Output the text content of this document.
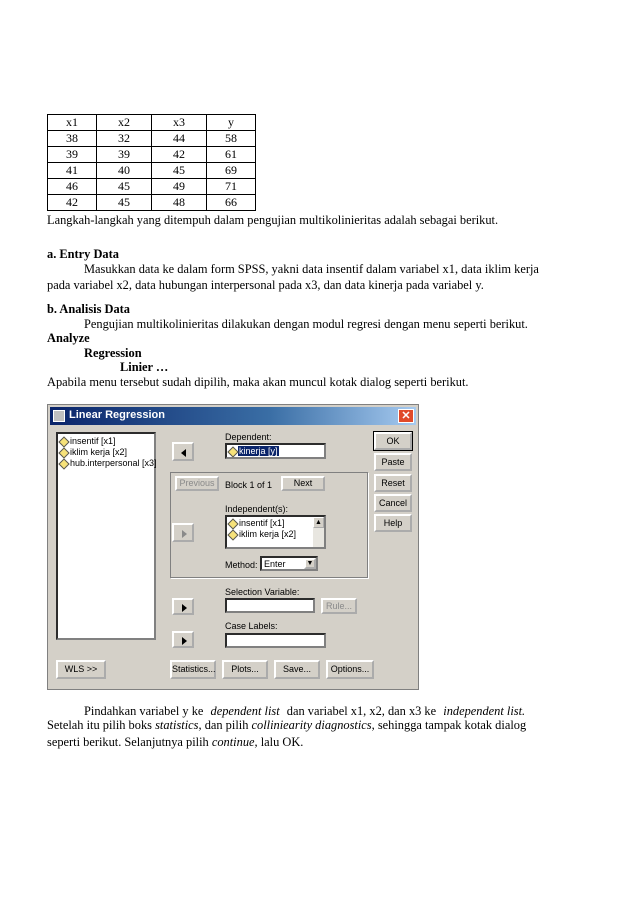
x1	x2	x3	y
38	32	44	58
39	39	42	61
41	40	45	69
46	45	49	71
42	45	48	66
Langkah-langkah yang ditempuh dalam pengujian multikolinieritas adalah sebagai berikut.
a. Entry Data
Masukkan data ke dalam form SPSS, yakni data insentif dalam variabel x1, data iklim kerja
pada variabel x2, data hubungan interpersonal pada x3, dan data kinerja pada variabel y.
b. Analisis Data
Pengujian multikolinieritas dilakukan dengan modul regresi dengan menu seperti berikut.
Analyze
Regression
Linier …
Apabila menu tersebut sudah dipilih, maka akan muncul kotak dialog seperti berikut.
Linear Regression	✕
insentif [x1]
iklim kerja [x2]
hub.interpersonal [x3]
Dependent:
kinerja [y]
Previous	Block 1 of 1	Next
Independent(s):
insentif [x1]
iklim kerja [x2]
▲
Method: Enter	▼
Selection Variable:
Rule...
Case Labels:
OK
Paste
Reset
Cancel
Help
WLS >>	Statistics...	Plots...	Save...	Options...
Pindahkan variabel y ke dependent list dan variabel x1, x2, dan x3 ke independent list.
Setelah itu pilih boks statistics, dan pilih colliniearity diagnostics, sehingga tampak kotak dialog
seperti berikut. Selanjutnya pilih continue, lalu OK.
